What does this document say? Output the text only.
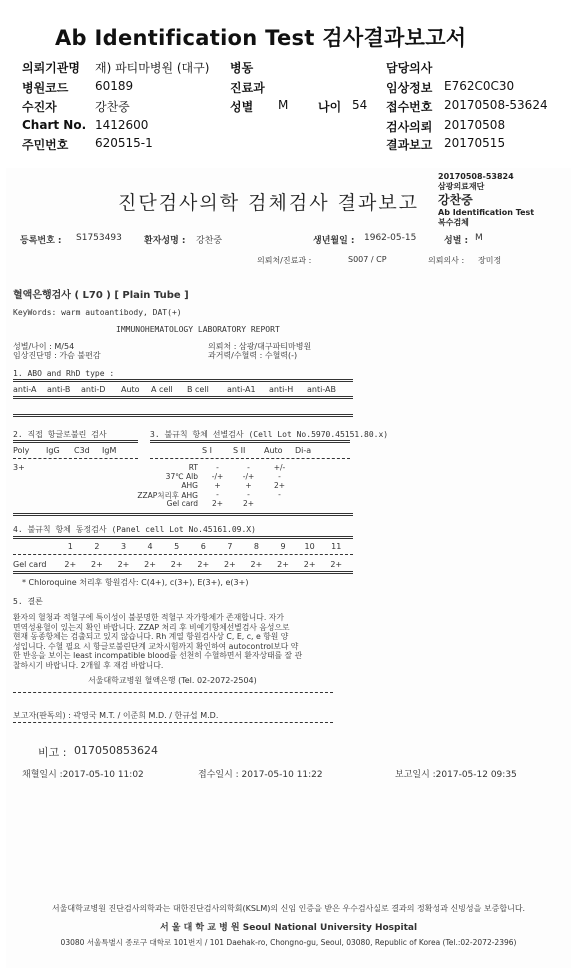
Ab Identification Test 검사결과보고서
의뢰기관명 재) 파티마병원 (대구)
병원코드 60189
수진자	강찬중
Chart No. 1412600
주민번호 620515-1
병동
진료과
성별 M 나이 54
담당의사
임상정보 E762C0C30
접수번호 20170508-53624
검사의뢰 20170508
결과보고 20170515
진단검사의학 검체검사 결과보고
20170508-53824
삼광의료재단
강찬중
Ab Identification Test
복수검체
등록번호 : S1753493 환자성명 : 강찬중	생년월일 : 1962-05-15	성별 : M
의뢰처/진료과 :	S007 / CP	의뢰의사 : 장미정
혈액은행검사 ( L70 ) [ Plain Tube ]
KeyWords: warm autoantibody, DAT(+)
IMMUNOHEMATOLOGY LABORATORY REPORT
성별/나이 : M/54	의뢰처 : 삼광/대구파티마병원
임상진단명 : 가슴 불편감	과거력/수혈력 : 수혈력(-)
1. ABO and RhD type :
anti-A	anti-B	anti-D	Auto	A cell	B cell	anti-A1	anti-H	anti-AB
2. 직접 항글로불린 검사
Poly	IgG	C3d	IgM
3+
3. 불규칙 항체 선별검사 (Cell Lot No.5970.45151.80.x)
S I	S II	Auto	Di-a
RT	-	-	+/-
37℃ Alb	-/+	-/+	-
AHG	+	+	2+
ZZAP처리후 AHG	-	-	-
Gel card	2+	2+
4. 불규칙 항체 동정검사 (Panel cell Lot No.45161.09.X)
1	2	3	4	5	6	7	8	9	10	11
Gel card	2+	2+	2+	2+	2+	2+	2+	2+	2+	2+	2+
* Chloroquine 처리후 항원검사: C(4+), c(3+), E(3+), e(3+)
5. 결론
환자의 혈청과 적혈구에 특이성이 불분명한 적혈구 자가항체가 존재합니다. 자가
면역성용혈이 있는지 확인 바랍니다. ZZAP 처리 후 비예기항체선별검사 음성으로
현재 동종항체는 검출되고 있지 않습니다. Rh 계열 항원검사상 C, E, c, e 항원 양
성입니다. 수혈 필요 시 항글로불린단계 교차시험까지 확인하여 autocontrol보다 약
한 반응을 보이는 least incompatible blood를 선천히 수혈하면서 환자상태를 잘 관
찰하시기 바랍니다. 2개월 후 재검 바랍니다.
서울대학교병원 혈액은행 (Tel. 02-2072-2504)
보고자(판독의) : 곽영국 M.T. / 이준희 M.D. / 한규섭 M.D.
비고 : 017050853624
채혈일시 :2017-05-10 11:02	접수일시 : 2017-05-10 11:22	보고일시 :2017-05-12 09:35
서울대학교병원 진단검사의학과는 대한진단검사의학회(KSLM)의 신임 인증을 받은 우수검사실로 결과의 정확성과 신빙성을 보증합니다.
서 울 대 학 교 병 원 Seoul National University Hospital
03080 서울특별시 종로구 대학로 101번지 / 101 Daehak-ro, Chongno-gu, Seoul, 03080, Republic of Korea (Tel.:02-2072-2396)
